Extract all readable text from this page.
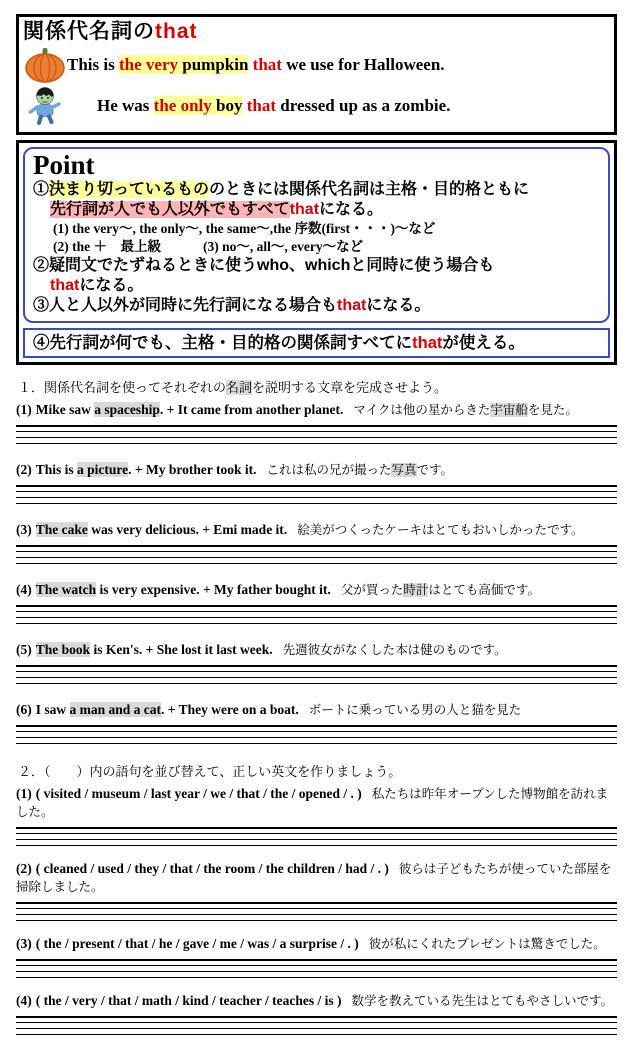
関係代名詞のthat
This is the very pumpkin that we use for Halloween.
He was the only boy that dressed up as a zombie.
Point
①決まり切っているもののときには関係代名詞は主格・目的格ともに
先行詞が人でも人以外でもすべてthatになる。
(1) the very～, the only～, the same～,the 序数(first・・・)～など
(2) the ＋　最上級	(3) no～, all～, every～など
②疑問文でたずねるときに使うwho、whichと同時に使う場合も
thatになる。
③人と人以外が同時に先行詞になる場合もthatになる。
④先行詞が何でも、主格・目的格の関係詞すべてにthatが使える。
１．関係代名詞を使ってそれぞれの名詞を説明する文章を完成させよう。
(1) Mike saw a spaceship. + It came from another planet. マイクは他の星からきた宇宙船を見た。
(2) This is a picture. + My brother took it. これは私の兄が撮った写真です。
(3) The cake was very delicious. + Emi made it. 絵美がつくったケーキはとてもおいしかったです。
(4) The watch is very expensive. + My father bought it. 父が買った時計はとても高価です。
(5) The book is Ken's. + She lost it last week. 先週彼女がなくした本は健のものです。
(6) I saw a man and a cat. + They were on a boat. ボートに乗っている男の人と猫を見た
２．（　　）内の語句を並び替えて、正しい英文を作りましょう。
(1) ( visited / museum / last year / we / that / the / opened / . ) 私たちは昨年オープンした博物館を訪れました。
(2) ( cleaned / used / they / that / the room / the children / had / . ) 彼らは子どもたちが使っていた部屋を掃除しました。
(3) ( the / present / that / he / gave / me / was / a surprise / . ) 彼が私にくれたプレゼントは驚きでした。
(4) ( the / very / that / math / kind / teacher / teaches / is ) 数学を教えている先生はとてもやさしいです。
